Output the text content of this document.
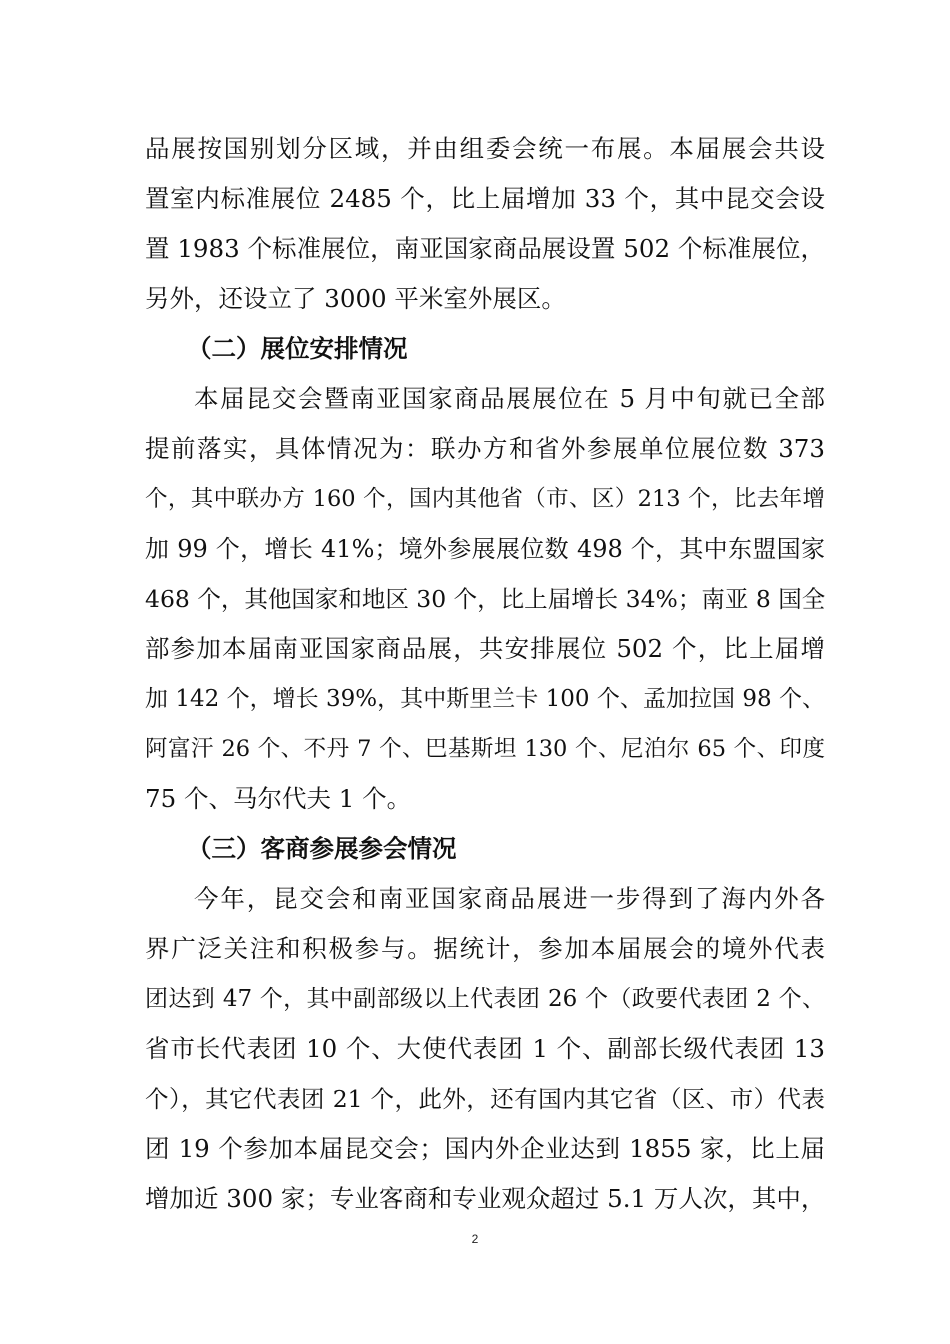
品展按国别划分区域，并由组委会统一布展。本届展会共设
置室内标准展位 2485 个，比上届增加 33 个，其中昆交会设
置 1983 个标准展位，南亚国家商品展设置 502 个标准展位，
另外，还设立了 3000 平米室外展区。
（二）展位安排情况
本届昆交会暨南亚国家商品展展位在 5 月中旬就已全部
提前落实，具体情况为：联办方和省外参展单位展位数 373
个，其中联办方 160 个，国内其他省（市、区）213 个，比去年增
加 99 个，增长 41%；境外参展展位数 498 个，其中东盟国家
468 个，其他国家和地区 30 个，比上届增长 34%；南亚 8 国全
部参加本届南亚国家商品展，共安排展位 502 个，比上届增
加 142 个，增长 39%，其中斯里兰卡 100 个、孟加拉国 98 个、
阿富汗 26 个、不丹 7 个、巴基斯坦 130 个、尼泊尔 65 个、印度
75 个、马尔代夫 1 个。
（三）客商参展参会情况
今年，昆交会和南亚国家商品展进一步得到了海内外各
界广泛关注和积极参与。据统计，参加本届展会的境外代表
团达到 47 个，其中副部级以上代表团 26 个（政要代表团 2 个、
省市长代表团 10 个、大使代表团 1 个、副部长级代表团 13
个），其它代表团 21 个，此外，还有国内其它省（区、市）代表
团 19 个参加本届昆交会；国内外企业达到 1855 家，比上届
增加近 300 家；专业客商和专业观众超过 5.1 万人次，其中，
2
